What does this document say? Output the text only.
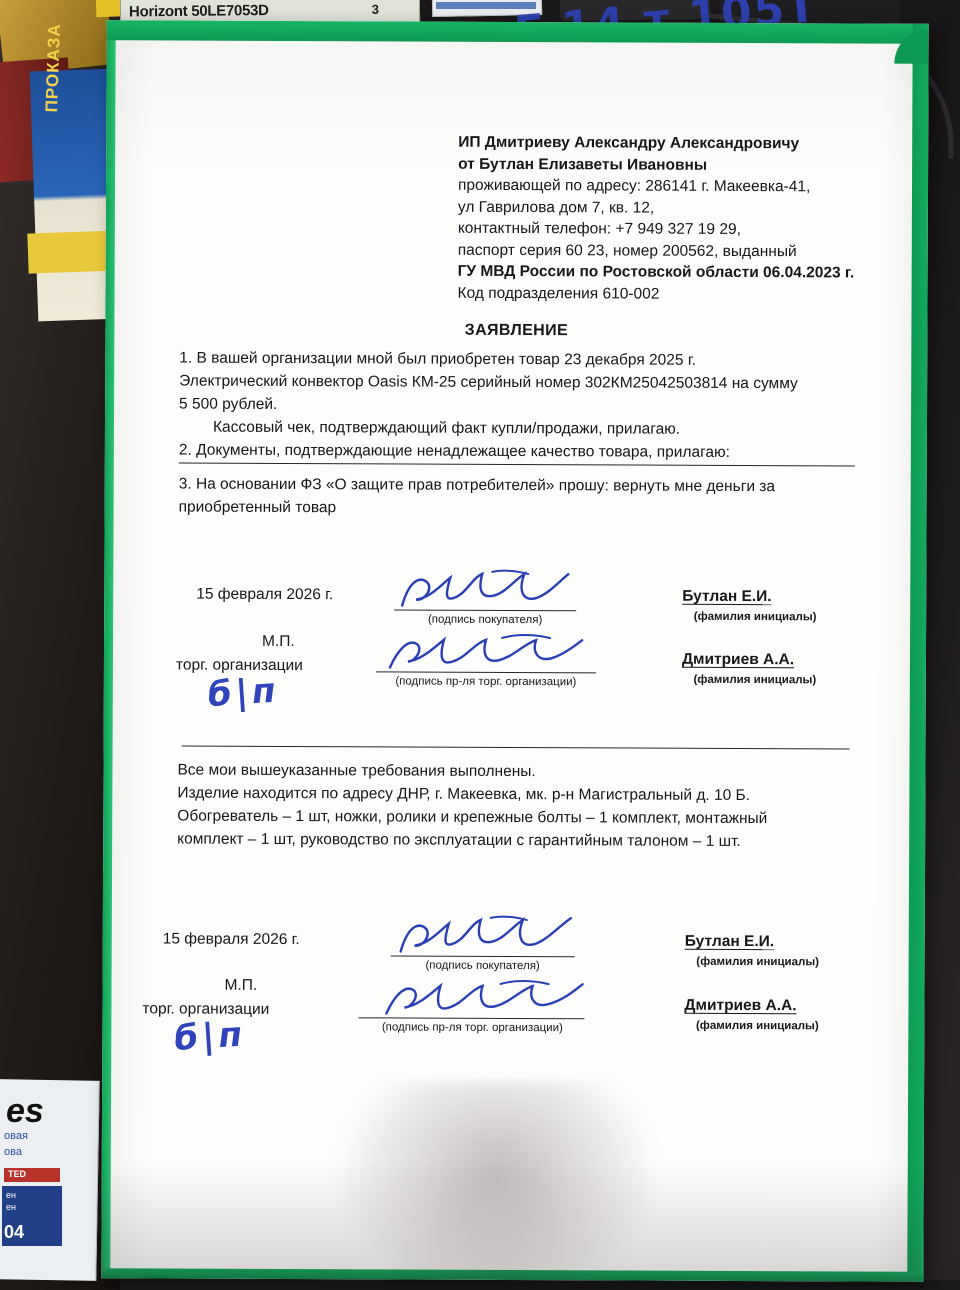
ПРОКАЗА
es
овая
ова
TED
ен
ен
04
Horizont 50LE7053D	3
ИП Дмитриеву Александру Александровичу
от Бутлан Елизаветы Ивановны
проживающей по адресу: 286141 г. Макеевка-41,
ул Гаврилова дом 7, кв. 12,
контактный телефон: +7 949 327 19 29,
паспорт серия 60 23, номер 200562, выданный
ГУ МВД России по Ростовской области 06.04.2023 г.
Код подразделения 610-002
ЗАЯВЛЕНИЕ

1. В вашей организации мной был приобретен товар 23 декабря 2025 г.

Электрический конвектор Oasis КМ-25 серийный номер 302КМ25042503814 на сумму

5 500 рублей.

Кассовый чек, подтверждающий факт купли/продажи, прилагаю.

2. Документы, подтверждающие ненадлежащее качество товара, прилагаю:

3. На основании ФЗ «О защите прав потребителей» прошу: вернуть мне деньги за

приобретенный товар

15 февраля 2026 г.
М.П.
торг. организации
б|п
(подпись покупателя)
(подпись пр-ля торг. организации)
Бутлан Е.И.
(фамилия инициалы)
Дмитриев А.А.
(фамилия инициалы)

Все мои вышеуказанные требования выполнены.

Изделие находится по адресу ДНР, г. Макеевка, мк. р-н Магистральный д. 10 Б.

Обогреватель – 1 шт, ножки, ролики и крепежные болты – 1 комплект, монтажный

комплект – 1 шт, руководство по эксплуатации с гарантийным талоном – 1 шт.

15 февраля 2026 г.
М.П.
торг. организации
б|п
(подпись покупателя)
(подпись пр-ля торг. организации)
Бутлан Е.И.
(фамилия инициалы)
Дмитриев А.А.
(фамилия инициалы)
